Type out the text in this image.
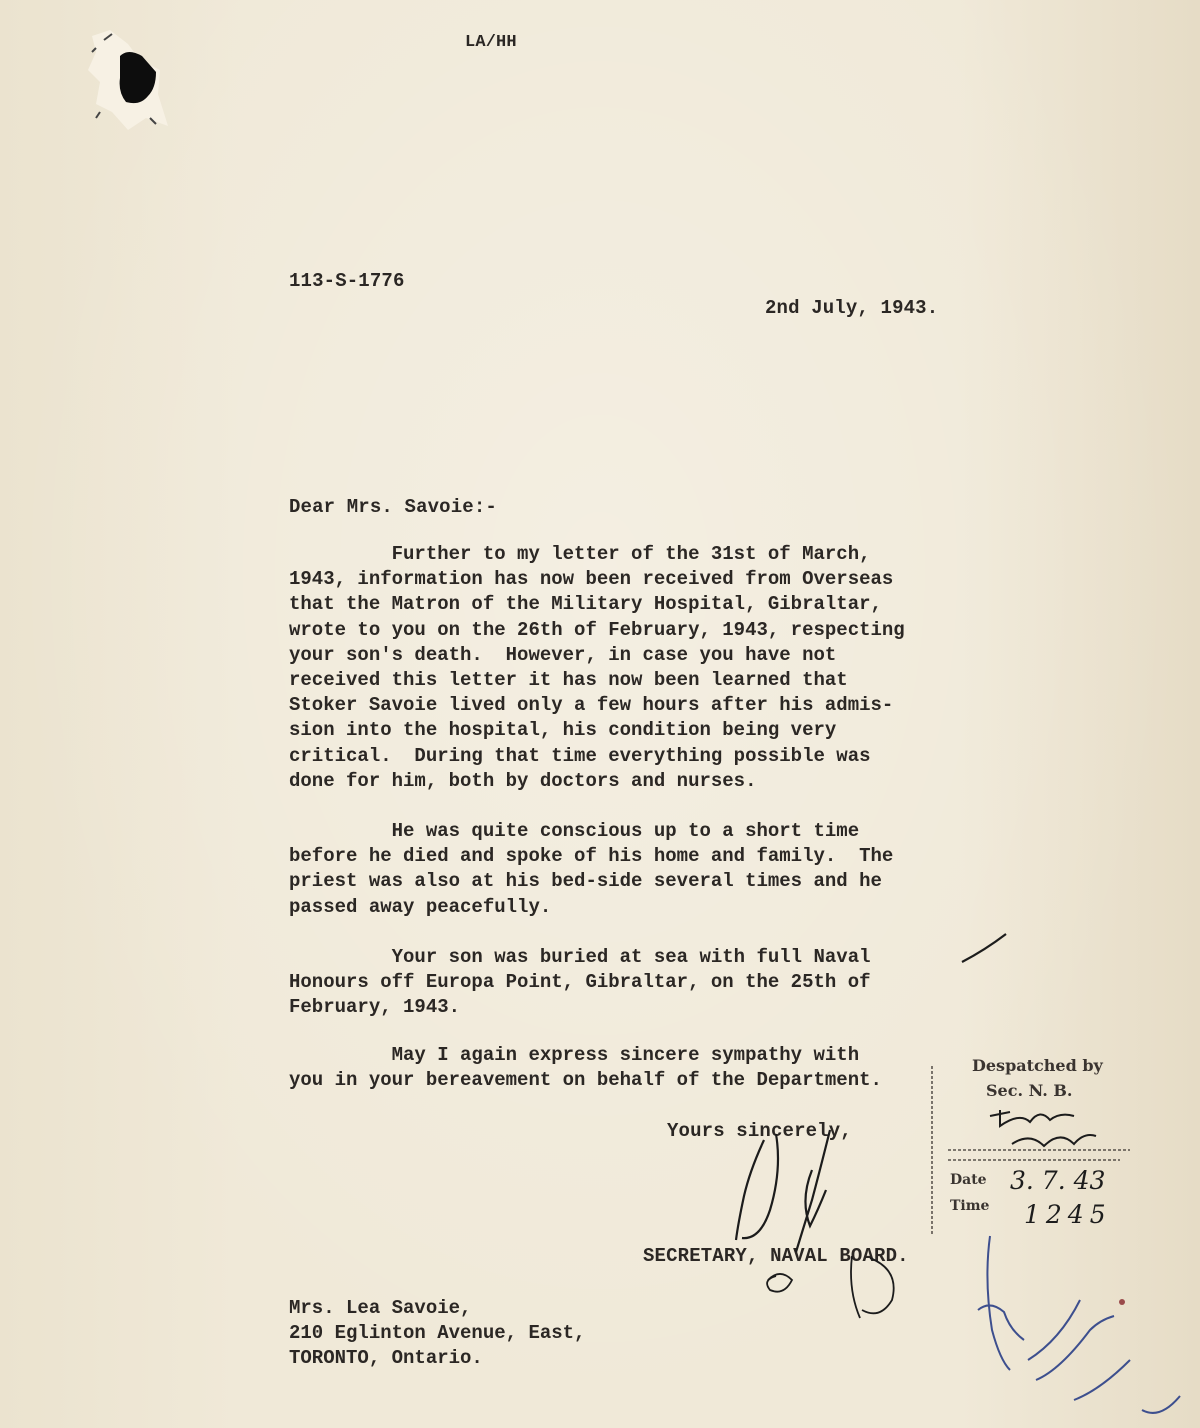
LA/HH
113-S-1776
2nd July, 1943.
Dear Mrs. Savoie:-
Further to my letter of the 31st of March,
1943, information has now been received from Overseas
that the Matron of the Military Hospital, Gibraltar,
wrote to you on the 26th of February, 1943, respecting
your son's death.  However, in case you have not
received this letter it has now been learned that
Stoker Savoie lived only a few hours after his admis-
sion into the hospital, his condition being very
critical.  During that time everything possible was
done for him, both by doctors and nurses.
He was quite conscious up to a short time
before he died and spoke of his home and family.  The
priest was also at his bed-side several times and he
passed away peacefully.
Your son was buried at sea with full Naval
Honours off Europa Point, Gibraltar, on the 25th of
February, 1943.
May I again express sincere sympathy with
you in your bereavement on behalf of the Department.
Yours sincerely,
SECRETARY, NAVAL BOARD.
Mrs. Lea Savoie,
210 Eglinton Avenue, East,
TORONTO, Ontario.
Despatched by
Sec. N. B.
Date
Time
3. 7. 43
1245
